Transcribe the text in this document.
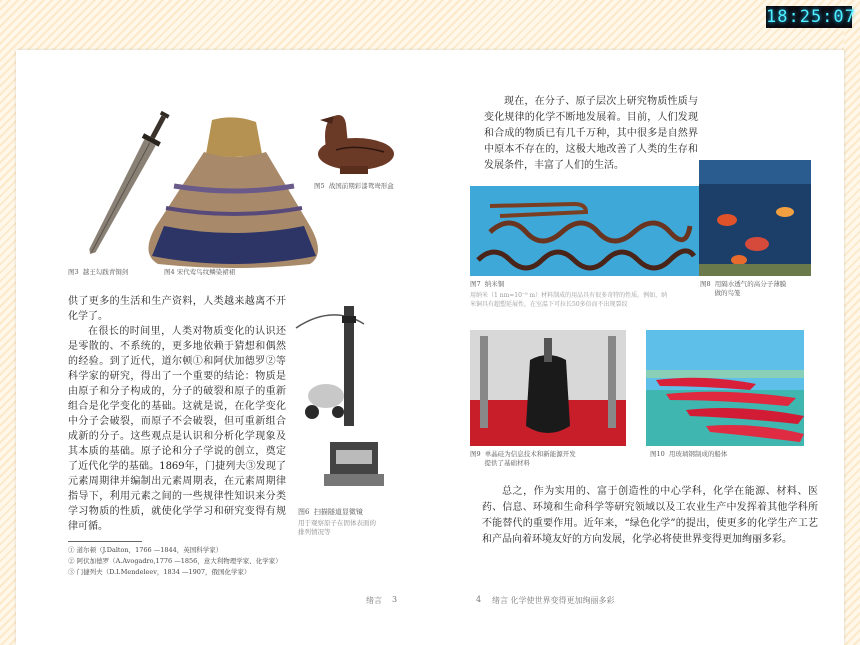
18:25:07
图5  战国前期彩漆鸳鸯形盒
图3  越王勾践青铜剑	图4 宋代莺鸟纹鳞染裙裙

供了更多的生活和生产资料，人类越来越离不开化学了。

在很长的时间里，人类对物质变化的认识还是零散的、不系统的，更多地依赖于猜想和偶然的经验。到了近代，道尔顿①和阿伏加德罗②等科学家的研究，得出了一个重要的结论：物质是由原子和分子构成的，分子的破裂和原子的重新组合是化学变化的基础。这就是说，在化学变化中分子会破裂，而原子不会破裂，但可重新组合成新的分子。这些观点是认识和分析化学现象及其本质的基础。原子论和分子学说的创立，奠定了近代化学的基础。1869年，门捷列夫③发现了元素周期律并编制出元素周期表，在元素周期律指导下，利用元素之间的一些规律性知识来分类学习物质的性质，就使化学学习和研究变得有规律可循。

图6  扫描隧道显微镜
用于观察原子在固体表面的
排列情况等
① 道尔顿（J.Dalton，1766 —1844，英国科学家）
② 阿伏加德罗（A.Avogadro,1776 —1856，意大利物理学家、化学家）
③ 门捷列夫（D.I.Mendeleev，1834 —1907，俄国化学家）
绪言 3

现在，在分子、原子层次上研究物质性质与变化规律的化学不断地发展着。目前，人们发现和合成的物质已有几千万种，其中很多是自然界中原本不存在的，这极大地改善了人类的生存和发展条件，丰富了人们的生活。

图7  纳米铜
用纳米（1 nm=10⁻⁹ m）材料制成的用品具有很多奇特的性质。例如，纳
米铜具有超塑延展性，在室温下可拉长50多倍而不出现裂纹
图8  用隔水透气的高分子薄膜
做的鸟笼
图9  单晶硅为信息技术和新能源开发
提供了基础材料
图10  用玻璃钢制成的船体

总之，作为实用的、富于创造性的中心学科，化学在能源、材料、医药、信息、环境和生命科学等研究领域以及工农业生产中发挥着其他学科所不能替代的重要作用。近年来，“绿色化学”的提出，使更多的化学生产工艺和产品向着环境友好的方向发展，化学必将使世界变得更加绚丽多彩。

4 绪言 化学使世界变得更加绚丽多彩
